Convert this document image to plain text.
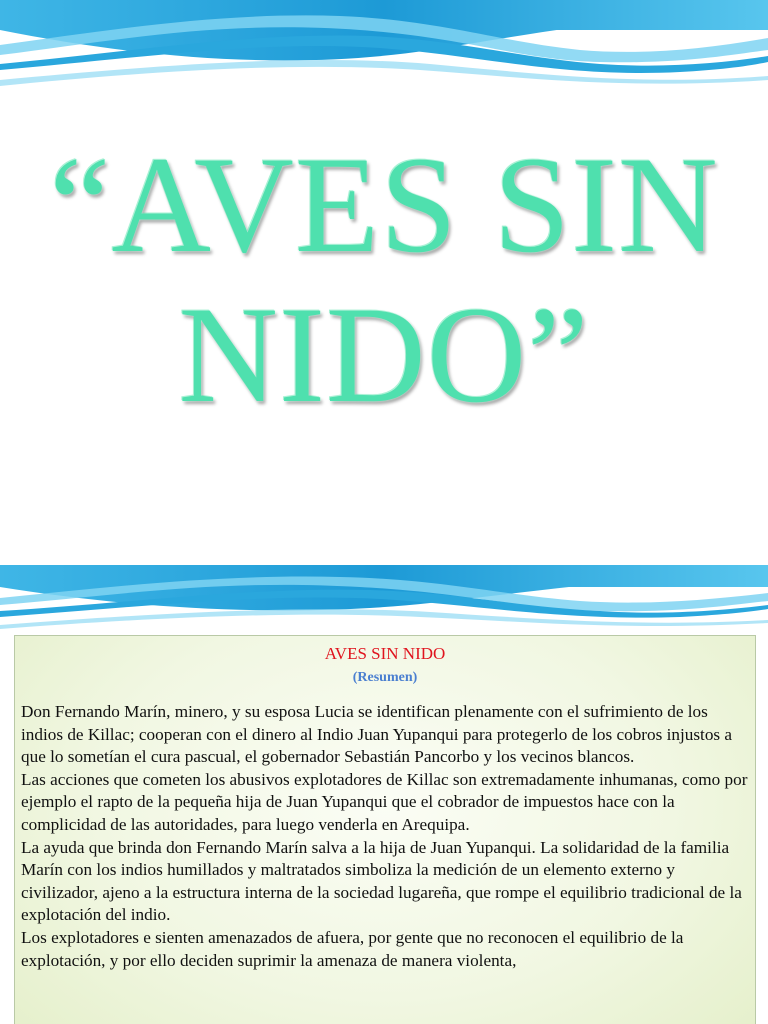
“AVES SIN
NIDO”
AVES SIN NIDO
(Resumen)

Don Fernando Marín, minero, y su esposa Lucia se identifican plenamente con el sufrimiento de los indios de Killac; cooperan con el dinero al Indio Juan Yupanqui para protegerlo de los cobros injustos a que lo sometían el cura pascual, el gobernador Sebastián Pancorbo y los vecinos blancos.

Las acciones que cometen los abusivos explotadores de Killac son extremadamente inhumanas, como por ejemplo el rapto de la pequeña hija de Juan Yupanqui que el cobrador de impuestos hace con la complicidad de las autoridades, para luego venderla en Arequipa.

La ayuda que brinda don Fernando Marín salva a la hija de Juan Yupanqui. La solidaridad de la familia Marín con los indios humillados y maltratados simboliza la medición de un elemento externo y civilizador, ajeno a la estructura interna de la sociedad lugareña, que rompe el equilibrio tradicional de la explotación del indio.

Los explotadores e sienten amenazados de afuera, por gente que no reconocen el equilibrio de la explotación, y por ello deciden suprimir la amenaza de manera violenta,
